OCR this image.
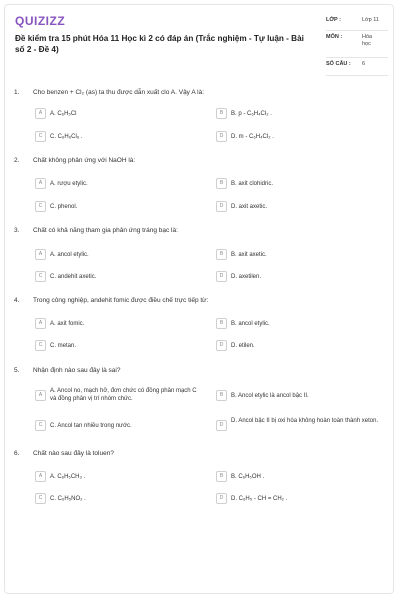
QUIZIZZ
Đề kiểm tra 15 phút Hóa 11 Học kì 2 có đáp án (Trắc nghiệm - Tự luận - Bài số 2 - Đề 4)
LỚP :	Lớp 11
MÔN :	Hóa học
SỐ CÂU : 6
1. Cho benzen + Cl₂ (as) ta thu được dẫn xuất clo A. Vậy A là:
A	A. C₆H₅Cl	B	B. p - C₆H₄Cl₂ .
C	C. C₆H₆Cl₆ .	D	D. m - C₆H₄Cl₂ .
2. Chất không phản ứng với NaOH là:
A	A. rượu etylic.	B	B. axit clohidric.
C	C. phenol.	D	D. axit axetic.
3. Chất có khả năng tham gia phản ứng tráng bạc là:
A	A. ancol etylic.	B	B. axit axetic.
C	C. andehit axetic.	D	D. axetilen.
4. Trong công nghiệp, andehit fomic được điều chế trực tiếp từ:
A	A. axit fomic.	B	B. ancol etylic.
C	C. metan.	D	D. etilen.
5. Nhận định nào sau đây là sai?
A
A. Ancol no, mạch hở, đơn chức có đồng phân mạch C và đồng phân vị trí nhóm chức.
B	B. Ancol etylic là ancol bậc II.
C	C. Ancol tan nhiều trong nước.	D
D. Ancol bậc II bị oxi hóa không hoàn toàn thành xeton.
6. Chất nào sau đây là toluen?
A	A. C₆H₅CH₃ .	B	B. C₆H₅OH .
C	C. C₆H₅NO₂ .	D	D. C₆H₅ - CH = CH₂ .
